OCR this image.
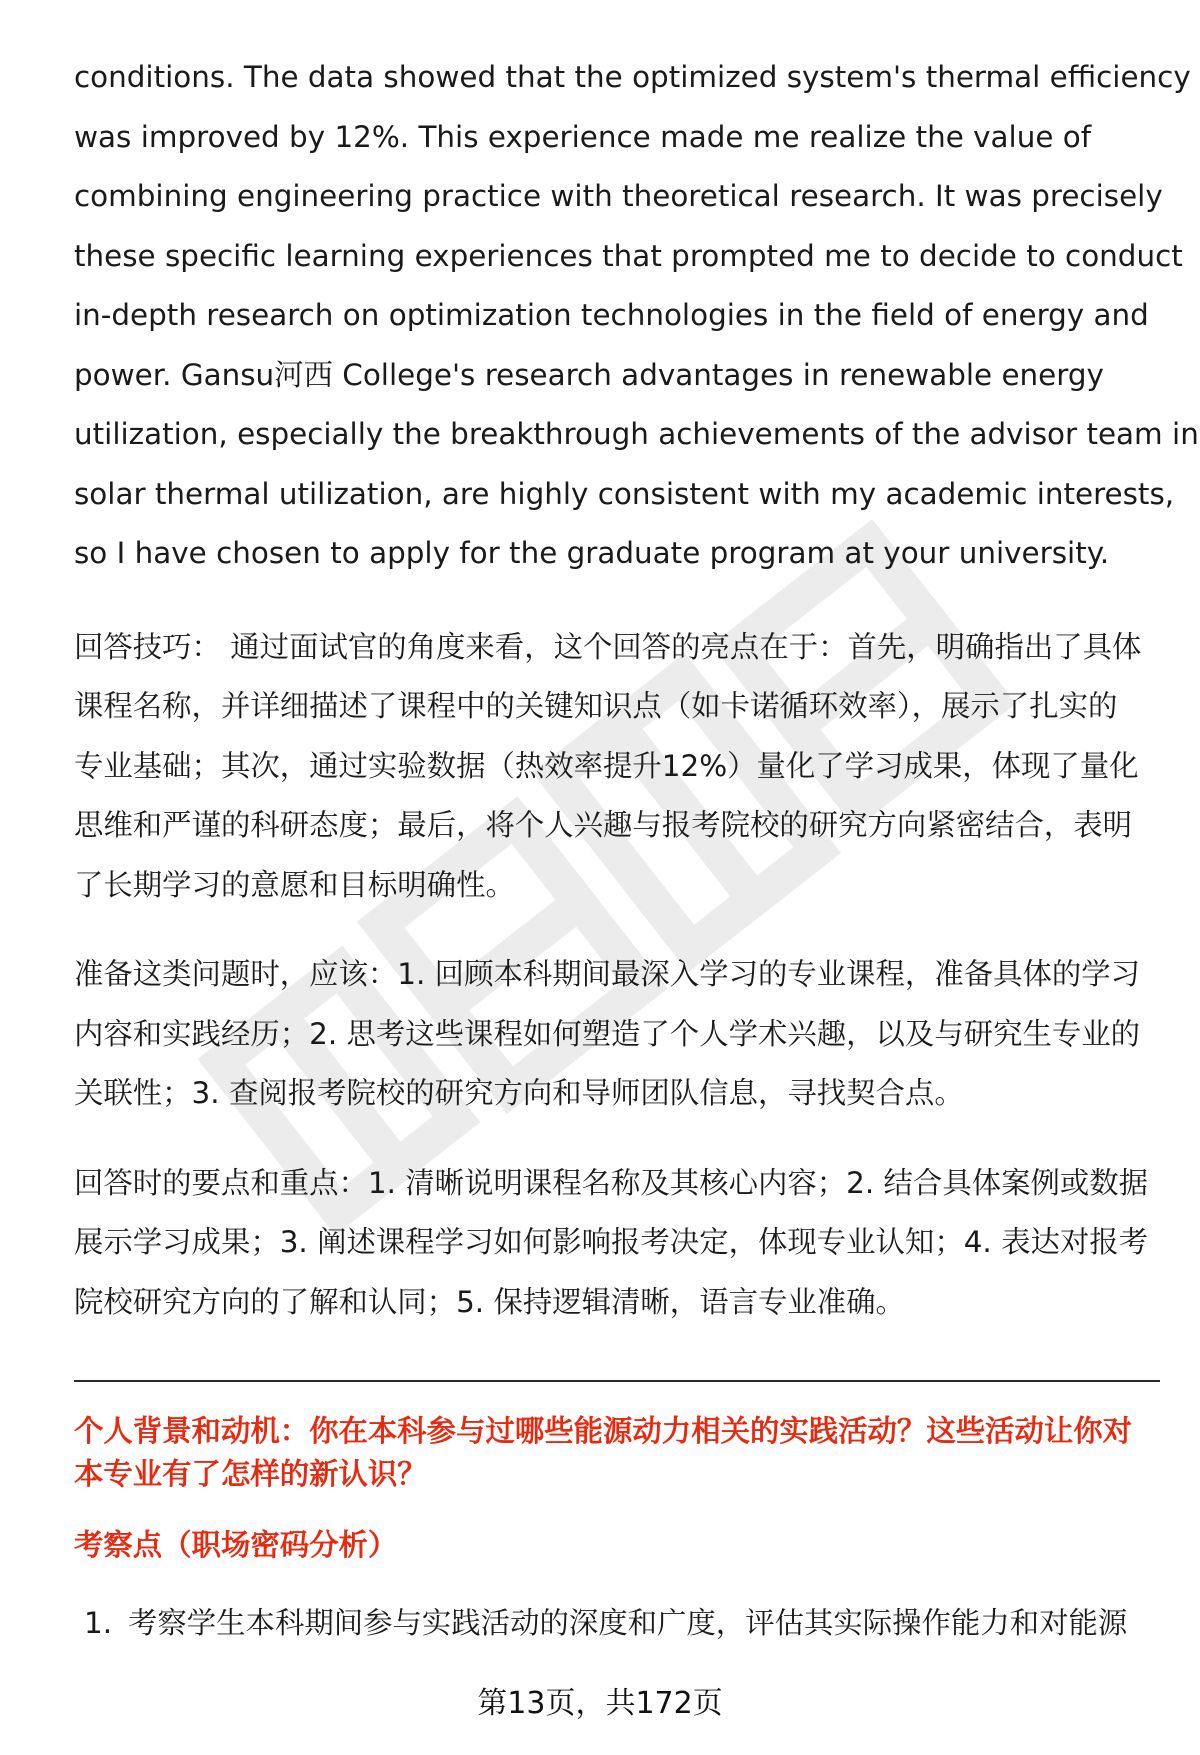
conditions. The data showed that the optimized system's thermal efficiency
was improved by 12%. This experience made me realize the value of
combining engineering practice with theoretical research. It was precisely
these specific learning experiences that prompted me to decide to conduct
in-depth research on optimization technologies in the field of energy and
power. Gansu河西 College's research advantages in renewable energy
utilization, especially the breakthrough achievements of the advisor team in
solar thermal utilization, are highly consistent with my academic interests,
so I have chosen to apply for the graduate program at your university.

回答技巧： 通过面试官的角度来看，这个回答的亮点在于：首先，明确指出了具体
课程名称，并详细描述了课程中的关键知识点（如卡诺循环效率），展示了扎实的
专业基础；其次，通过实验数据（热效率提升12%）量化了学习成果，体现了量化
思维和严谨的科研态度；最后，将个人兴趣与报考院校的研究方向紧密结合，表明
了长期学习的意愿和目标明确性。

准备这类问题时，应该：1. 回顾本科期间最深入学习的专业课程，准备具体的学习
内容和实践经历；2. 思考这些课程如何塑造了个人学术兴趣，以及与研究生专业的
关联性；3. 查阅报考院校的研究方向和导师团队信息，寻找契合点。

回答时的要点和重点：1. 清晰说明课程名称及其核心内容；2. 结合具体案例或数据
展示学习成果；3. 阐述课程学习如何影响报考决定，体现专业认知；4. 表达对报考
院校研究方向的了解和认同；5. 保持逻辑清晰，语言专业准确。

个人背景和动机：你在本科参与过哪些能源动力相关的实践活动？这些活动让你对
本专业有了怎样的新认识？

考察点（职场密码分析）

1. 考察学生本科期间参与实践活动的深度和广度，评估其实际操作能力和对能源

第13页，共172页
